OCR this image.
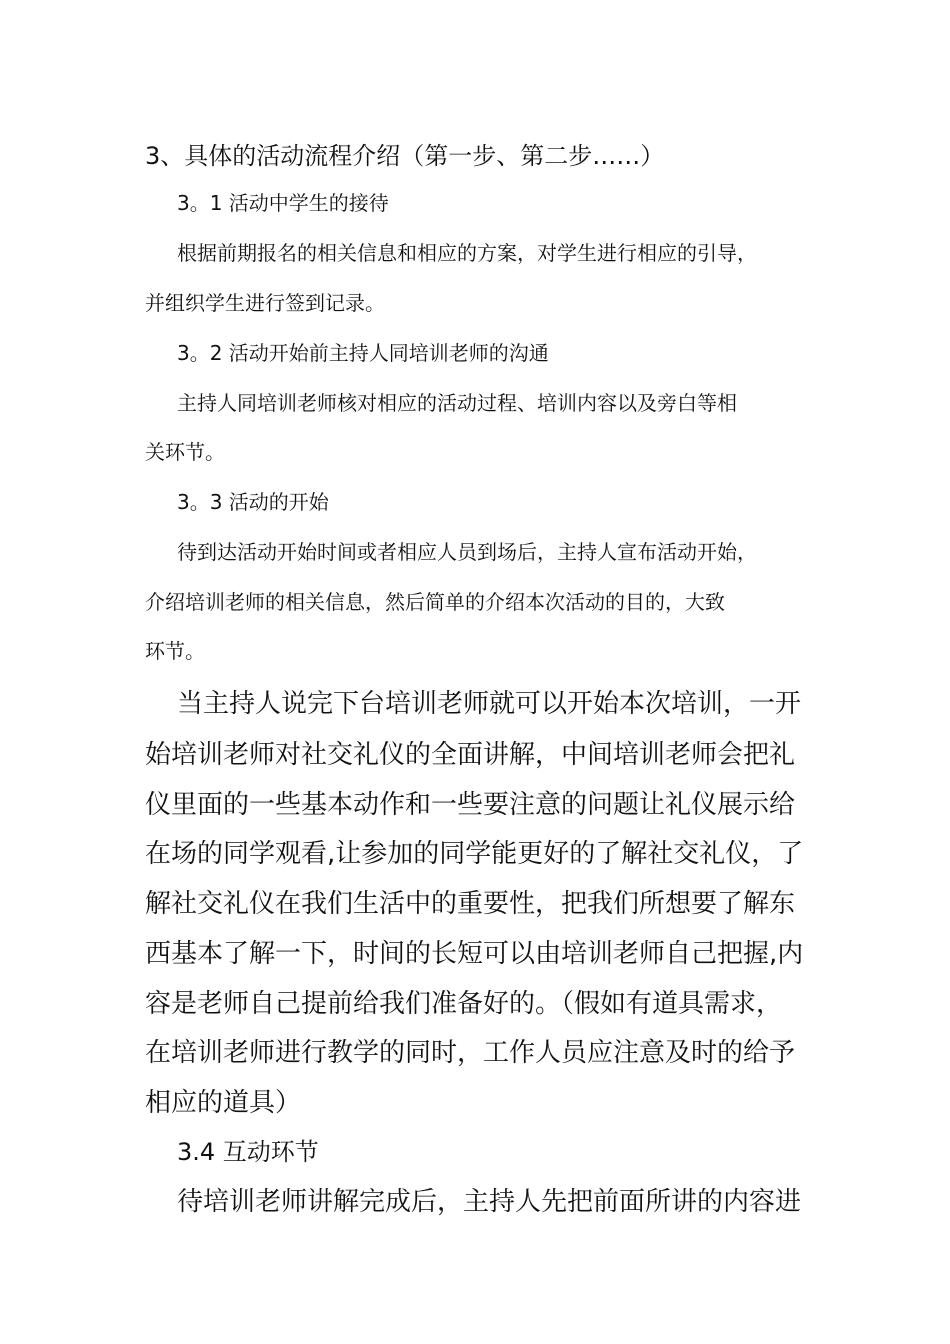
3、具体的活动流程介绍（第一步、第二步……）
3。1 活动中学生的接待
根据前期报名的相关信息和相应的方案，对学生进行相应的引导，
并组织学生进行签到记录。
3。2 活动开始前主持人同培训老师的沟通
主持人同培训老师核对相应的活动过程、培训内容以及旁白等相
关环节。
3。3 活动的开始
待到达活动开始时间或者相应人员到场后，主持人宣布活动开始，
介绍培训老师的相关信息，然后简单的介绍本次活动的目的，大致
环节。
当主持人说完下台培训老师就可以开始本次培训，一开
始培训老师对社交礼仪的全面讲解，中间培训老师会把礼
仪里面的一些基本动作和一些要注意的问题让礼仪展示给
在场的同学观看,让参加的同学能更好的了解社交礼仪，了
解社交礼仪在我们生活中的重要性，把我们所想要了解东
西基本了解一下，时间的长短可以由培训老师自己把握,内
容是老师自己提前给我们准备好的。（假如有道具需求，
在培训老师进行教学的同时，工作人员应注意及时的给予
相应的道具）
3.4 互动环节
待培训老师讲解完成后，主持人先把前面所讲的内容进
